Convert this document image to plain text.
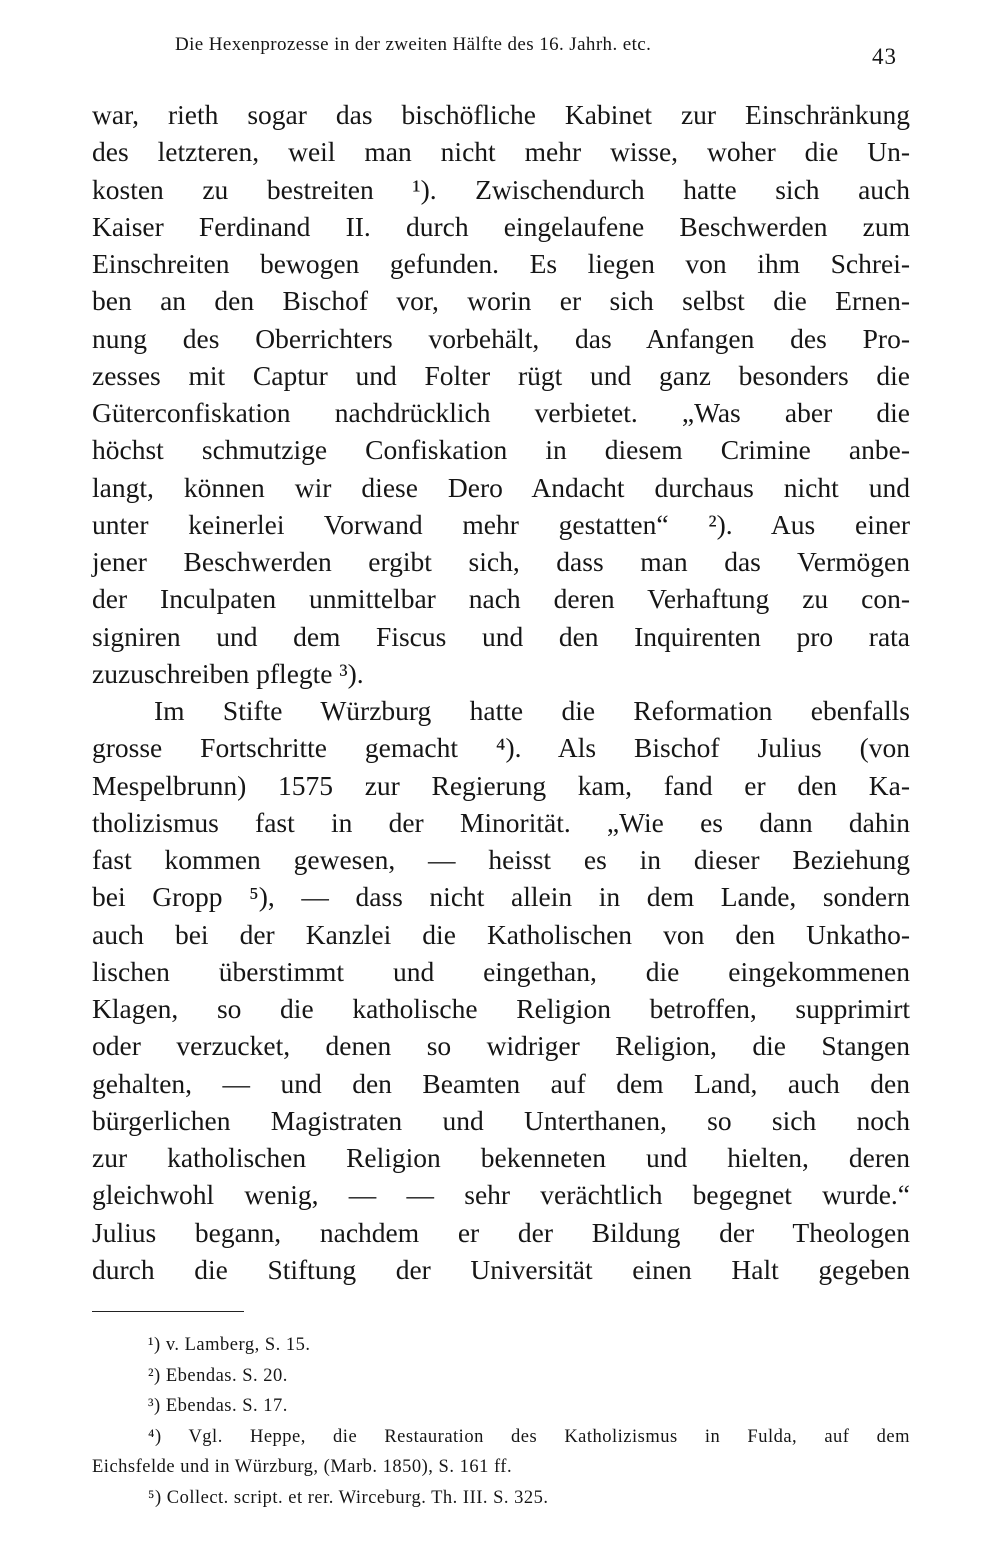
Die Hexenprozesse in der zweiten Hälfte des 16. Jahrh. etc.	43
war, rieth sogar das bischöfliche Kabinet zur Einschränkung
des letzteren, weil man nicht mehr wisse, woher die Un-
kosten zu bestreiten ¹). Zwischendurch hatte sich auch
Kaiser Ferdinand II. durch eingelaufene Beschwerden zum
Einschreiten bewogen gefunden. Es liegen von ihm Schrei-
ben an den Bischof vor, worin er sich selbst die Ernen-
nung des Oberrichters vorbehält, das Anfangen des Pro-
zesses mit Captur und Folter rügt und ganz besonders die
Güterconfiskation nachdrücklich verbietet. „Was aber die
höchst schmutzige Confiskation in diesem Crimine anbe-
langt, können wir diese Dero Andacht durchaus nicht und
unter keinerlei Vorwand mehr gestatten“ ²). Aus einer
jener Beschwerden ergibt sich, dass man das Vermögen
der Inculpaten unmittelbar nach deren Verhaftung zu con-
signiren und dem Fiscus und den Inquirenten pro rata
zuzuschreiben pflegte ³).
Im Stifte Würzburg hatte die Reformation ebenfalls
grosse Fortschritte gemacht ⁴). Als Bischof Julius (von
Mespelbrunn) 1575 zur Regierung kam, fand er den Ka-
tholizismus fast in der Minorität. „Wie es dann dahin
fast kommen gewesen, — heisst es in dieser Beziehung
bei Gropp ⁵), — dass nicht allein in dem Lande, sondern
auch bei der Kanzlei die Katholischen von den Unkatho-
lischen überstimmt und eingethan, die eingekommenen
Klagen, so die katholische Religion betroffen, supprimirt
oder verzucket, denen so widriger Religion, die Stangen
gehalten, — und den Beamten auf dem Land, auch den
bürgerlichen Magistraten und Unterthanen, so sich noch
zur katholischen Religion bekenneten und hielten, deren
gleichwohl wenig, — — sehr verächtlich begegnet wurde.“
Julius begann, nachdem er der Bildung der Theologen
durch die Stiftung der Universität einen Halt gegeben
¹) v. Lamberg, S. 15.
²) Ebendas. S. 20.
³) Ebendas. S. 17.
⁴) Vgl. Heppe, die Restauration des Katholizismus in Fulda, auf dem
Eichsfelde und in Würzburg, (Marb. 1850), S. 161 ff.
⁵) Collect. script. et rer. Wirceburg. Th. III. S. 325.
